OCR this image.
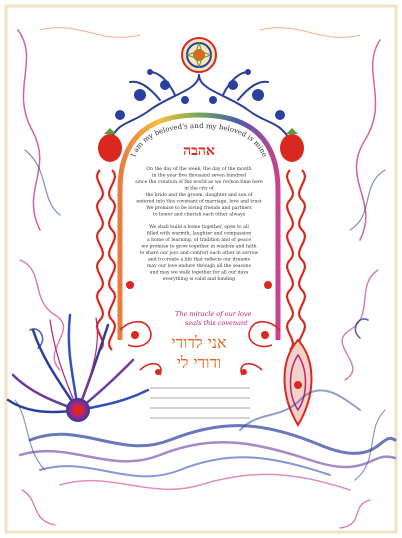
I am my beloved's and my beloved is mine
אהבה
On the day of the week, the day of the month
in the year five thousand seven hundred
since the creation of the world as we reckon time here
in the city of
the bride and the groom, daughter and son of
entered into this covenant of marriage, love and trust
We promise to be loving friends and partners
to honor and cherish each other always
We shall build a home together, open to all
filled with warmth, laughter and compassion
a home of learning, of tradition and of peace
we promise to grow together in wisdom and faith
to share our joys and comfort each other in sorrow
and to create a life that reflects our dreams
may our love endure through all the seasons
and may we walk together for all our days
everything is valid and binding
The miracle of our love
seals this covenant
אני לדודי
ודודי לי
